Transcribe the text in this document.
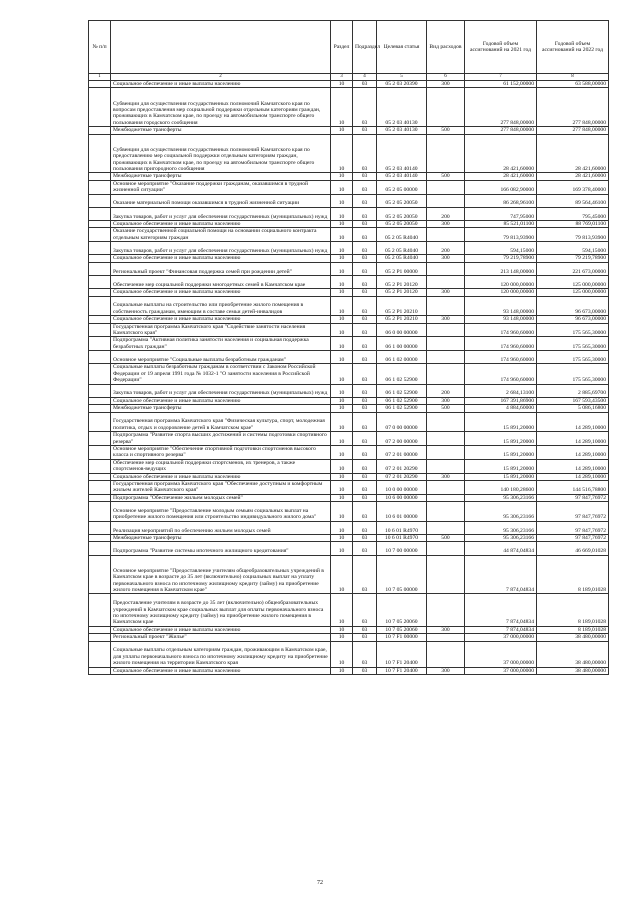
№ п/п		Раздел	Подраздел	Целевая статья	Вид расходов	Годовой объем ассигнований на 2021 год	Годовой объем ассигнований на 2022 год
1	2	3	4	5	6	7	8
	Социальное обеспечение и иные выплаты населению	10	03	05 2 03 20390	300	61 152,00000	63 588,00000
	Субвенции для осуществления государственных полномочий Камчатского края по вопросам предоставления мер социальной поддержки отдельным категориям граждан, проживающих в Камчатском крае, по проезду на автомобильном транспорте общего пользования городского сообщения	10	03	05 2 03 40130		277 848,00000	277 848,00000
	Межбюджетные трансферты	10	03	05 2 03 40130	500	277 848,00000	277 848,00000
	Субвенции для осуществления государственных полномочий Камчатского края по предоставлению мер социальной поддержки отдельным категориям граждан, проживающих в Камчатском крае, по проезду на автомобильном транспорте общего пользования пригородного сообщения	10	03	05 2 03 40140		28 421,60000	28 421,60000
	Межбюджетные трансферты	10	03	05 2 03 40140	500	28 421,60000	28 421,60000
	Основное мероприятие "Оказание поддержки гражданам, оказавшимся в трудной жизненной ситуации"	10	03	05 2 05 00000		166 082,90000	169 378,40000
	Оказание материальной помощи оказавшимся в трудной жизненной ситуации	10	03	05 2 05 20050		86 268,96100	89 564,46100
	Закупка товаров, работ и услуг для обеспечения государственных (муниципальных) нужд	10	03	05 2 05 20050	200	747,95000	795,45000
	Социальное обеспечение и иные выплаты населению	10	03	05 2 05 20050	300	85 521,01100	88 769,01100
	Оказание государственной социальной помощи на основании социального контракта отдельным категориям граждан	10	03	05 2 05 R4040		79 813,93900	79 813,93900
	Закупка товаров, работ и услуг для обеспечения государственных (муниципальных) нужд	10	03	05 2 05 R4040	200	594,15000	594,15000
	Социальное обеспечение и иные выплаты населению	10	03	05 2 05 R4040	300	79 219,78900	79 219,78900
	Региональный проект "Финансовая поддержка семей при рождении детей"	10	03	05 2 P1 00000		213 148,00000	221 673,00000
	Обеспечение мер социальной поддержки многодетных семей в Камчатском крае	10	03	05 2 P1 20120		120 000,00000	125 000,00000
	Социальное обеспечение и иные выплаты населению	10	03	05 2 P1 20120	300	120 000,00000	125 000,00000
	Социальные выплаты на строительство или приобретение жилого помещения в собственность гражданам, имеющим в составе семьи детей-инвалидов	10	03	05 2 P1 20210		93 148,00000	96 673,00000
	Социальное обеспечение и иные выплаты населению	10	03	05 2 P1 20210	300	93 148,00000	96 673,00000
	Государственная программа Камчатского края "Содействие занятости населения Камчатского края"	10	03	06 0 00 00000		174 960,60000	175 565,30000
	Подпрограмма "Активная политика занятости населения и социальная поддержка безработных граждан"	10	03	06 1 00 00000		174 960,60000	175 565,30000
	Основное мероприятие "Социальные выплаты безработным гражданам"	10	03	06 1 02 00000		174 960,60000	175 565,30000
	Социальные выплаты безработным гражданам в соответствии с Законом Российской Федерации от 19 апреля 1991 года № 1032-1 "О занятости населения в Российской Федерации"	10	03	06 1 02 52900		174 960,60000	175 565,30000
	Закупка товаров, работ и услуг для обеспечения государственных (муниципальных) нужд	10	03	06 1 02 52900	200	2 684,13100	2 885,69700
	Социальное обеспечение и иные выплаты населению	10	03	06 1 02 52900	300	167 391,86900	167 593,43500
	Межбюджетные трансферты	10	03	06 1 02 52900	500	4 884,60000	5 086,16800
	Государственная программа Камчатского края "Физическая культура, спорт, молодежная политика, отдых и оздоровление детей в Камчатском крае"	10	03	07 0 00 00000		15 891,20000	14 289,10000
	Подпрограмма "Развитие спорта высших достижений и системы подготовки спортивного резерва"	10	03	07 2 00 00000		15 891,20000	14 289,10000
	Основное мероприятие "Обеспечение спортивной подготовки спортсменов высокого класса и спортивного резерва"	10	03	07 2 01 00000		15 891,20000	14 289,10000
	Обеспечение мер социальной поддержки спортсменов, их тренеров, а также спортсменов-ведущих	10	03	07 2 01 20290		15 891,20000	14 289,10000
	Социальное обеспечение и иные выплаты населению	10	03	07 2 01 20290	300	15 891,20000	14 289,10000
	Государственная программа Камчатского края "Обеспечение доступным и комфортным жильем жителей Камчатского края"	10	03	10 0 00 00000		140 180,28600	144 516,78800
	Подпрограмма "Обеспечение жильем молодых семей"	10	03	10 6 00 00000		95 306,23166	97 847,76972
	Основное мероприятие "Предоставление молодым семьям социальных выплат на приобретение жилого помещения или строительство индивидуального жилого дома"	10	03	10 6 01 00000		95 306,23166	97 847,76972
	Реализация мероприятий по обеспечению жильем молодых семей	10	03	10 6 01 R4970		95 306,23166	97 847,76972
	Межбюджетные трансферты	10	03	10 6 01 R4970	500	95 306,23166	97 847,76972
	Подпрограмма "Развитие системы ипотечного жилищного кредитования"	10	03	10 7 00 00000		44 874,04834	46 669,01028
	Основное мероприятие "Предоставление учителям общеобразовательных учреждений в Камчатском крае в возрасте до 35 лет (включительно) социальных выплат на уплату первоначального взноса по ипотечному жилищному кредиту (займу) на приобретение жилого помещения в Камчатском крае"	10	03	10 7 05 00000		7 874,04834	8 189,01028
	Предоставление учителям в возрасте до 35 лет (включительно) общеобразовательных учреждений в Камчатском крае социальных выплат для оплаты первоначального взноса по ипотечному жилищному кредиту (займу) на приобретение жилого помещения в Камчатском крае	10	03	10 7 05 20060		7 874,04834	8 189,01028
	Социальное обеспечение и иные выплаты населению	10	03	10 7 05 20060	300	7 874,04834	8 189,01028
	Региональный проект "Жилье"	10	03	10 7 F1 00000		37 000,00000	38 480,00000
	Социальные выплаты отдельным категориям граждан, проживающим в Камчатском крае, для уплаты первоначального взноса по ипотечному жилищному кредиту на приобретение жилого помещения на территории Камчатского края	10	03	10 7 F1 20400		37 000,00000	38 480,00000
	Социальное обеспечение и иные выплаты населению	10	03	10 7 F1 20400	300	37 000,00000	38 480,00000
72
